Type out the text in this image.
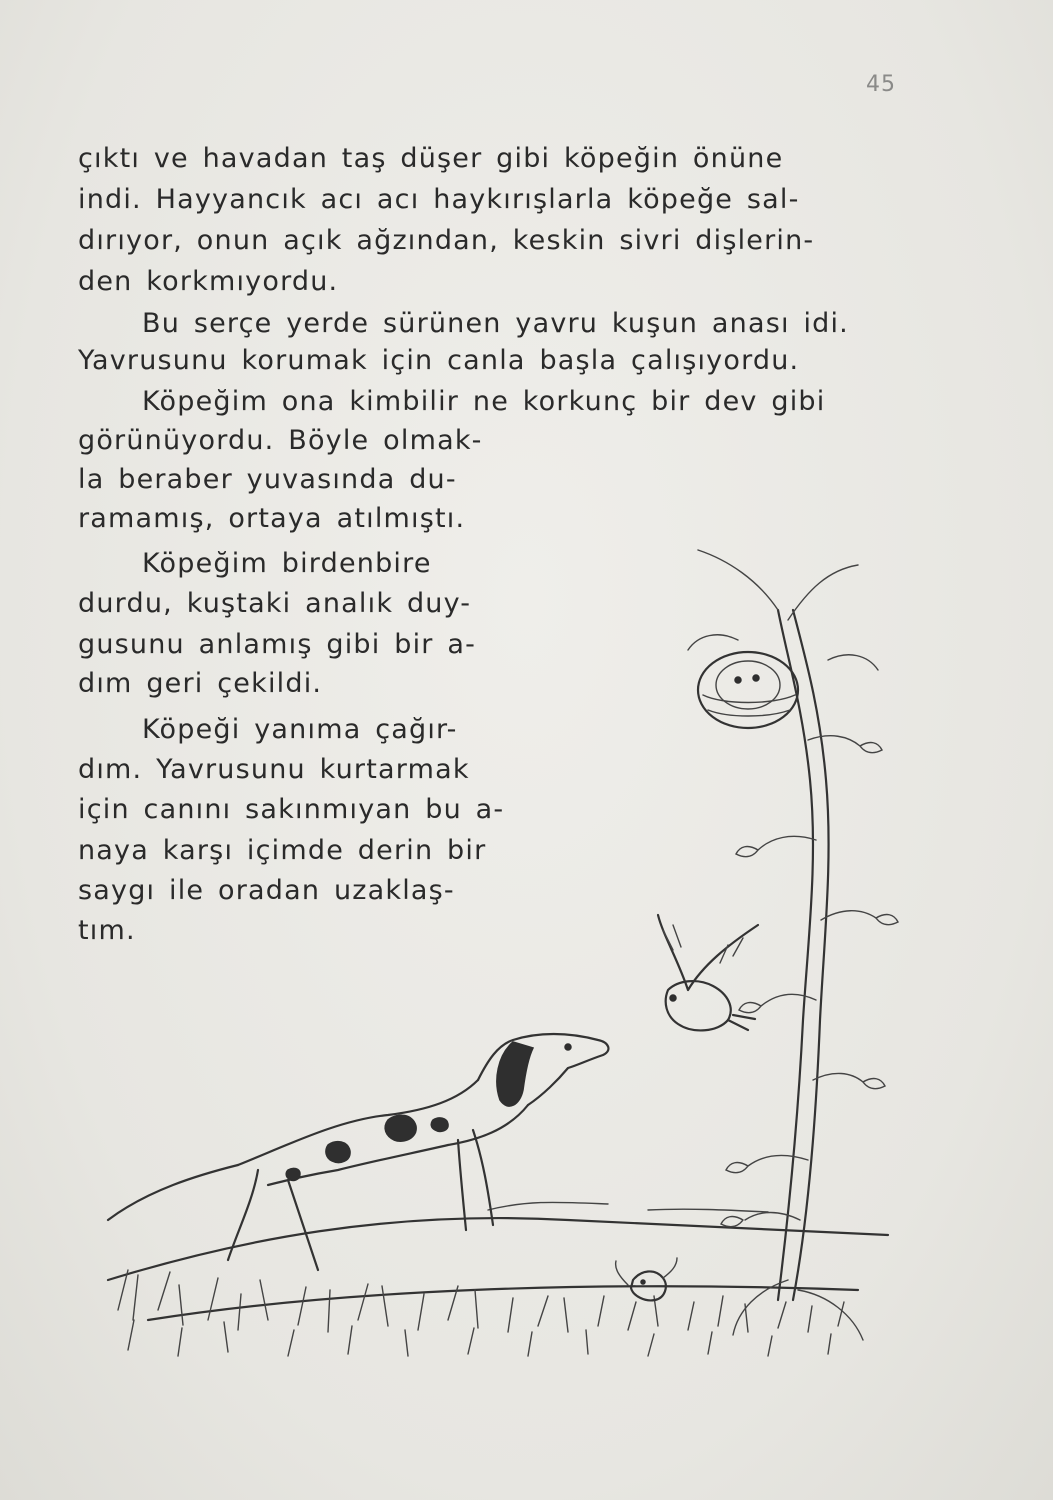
45
çıktı ve havadan taş düşer gibi köpeğin önüne
indi. Hayyancık acı acı haykırışlarla köpeğe sal-
dırıyor, onun açık ağzından, keskin sivri dişlerin-
den korkmıyordu.
Bu serçe yerde sürünen yavru kuşun anası idi.
Yavrusunu korumak için canla başla çalışıyordu.
Köpeğim ona kimbilir ne korkunç bir dev gibi
görünüyordu. Böyle olmak-
la beraber yuvasında du-
ramamış, ortaya atılmıştı.
Köpeğim birdenbire
durdu, kuştaki analık duy-
gusunu anlamış gibi bir a-
dım geri çekildi.
Köpeği yanıma çağır-
dım. Yavrusunu kurtarmak
için canını sakınmıyan bu a-
naya karşı içimde derin bir
saygı ile oradan uzaklaş-
tım.
